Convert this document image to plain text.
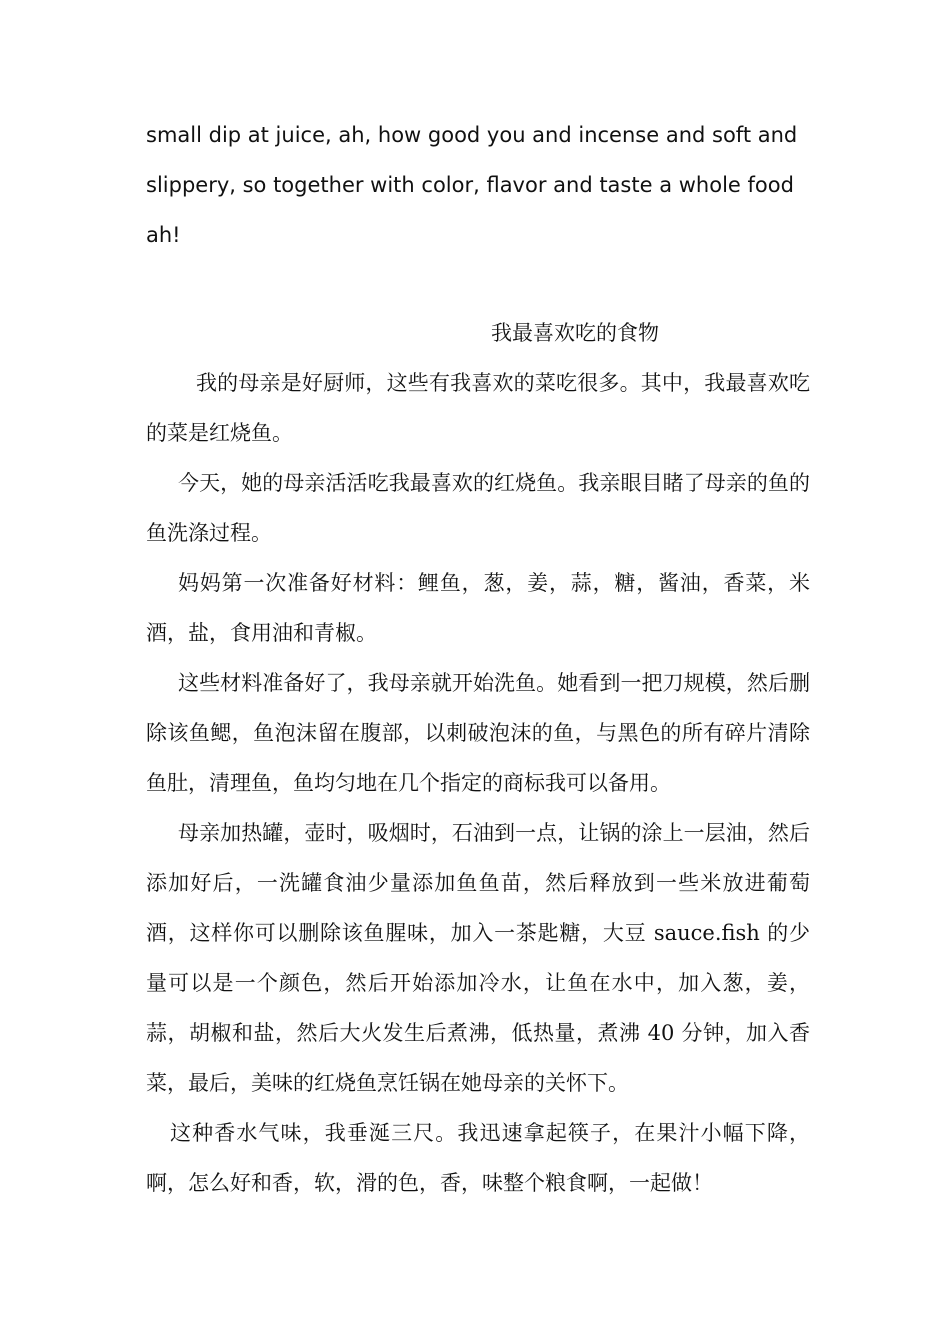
small dip at juice, ah, how good you and incense and soft and slippery, so together with color, flavor and taste a whole food ah!

我最喜欢吃的食物

我的母亲是好厨师，这些有我喜欢的菜吃很多。其中，我最喜欢吃的菜是红烧鱼。

今天，她的母亲活活吃我最喜欢的红烧鱼。我亲眼目睹了母亲的鱼的鱼洗涤过程。

妈妈第一次准备好材料：鲤鱼，葱，姜，蒜，糖，酱油，香菜，米酒，盐，食用油和青椒。

这些材料准备好了，我母亲就开始洗鱼。她看到一把刀规模，然后删除该鱼鳃，鱼泡沫留在腹部，以刺破泡沫的鱼，与黑色的所有碎片清除鱼肚，清理鱼，鱼均匀地在几个指定的商标我可以备用。

母亲加热罐，壶时，吸烟时，石油到一点，让锅的涂上一层油，然后添加好后，一洗罐食油少量添加鱼鱼苗，然后释放到一些米放进葡萄酒，这样你可以删除该鱼腥味，加入一茶匙糖，大豆 sauce.fish 的少量可以是一个颜色，然后开始添加冷水，让鱼在水中，加入葱，姜，蒜，胡椒和盐，然后大火发生后煮沸，低热量，煮沸 40 分钟，加入香菜，最后，美味的红烧鱼烹饪锅在她母亲的关怀下。

这种香水气味，我垂涎三尺。我迅速拿起筷子，在果汁小幅下降，啊，怎么好和香，软，滑的色，香，味整个粮食啊，一起做！
